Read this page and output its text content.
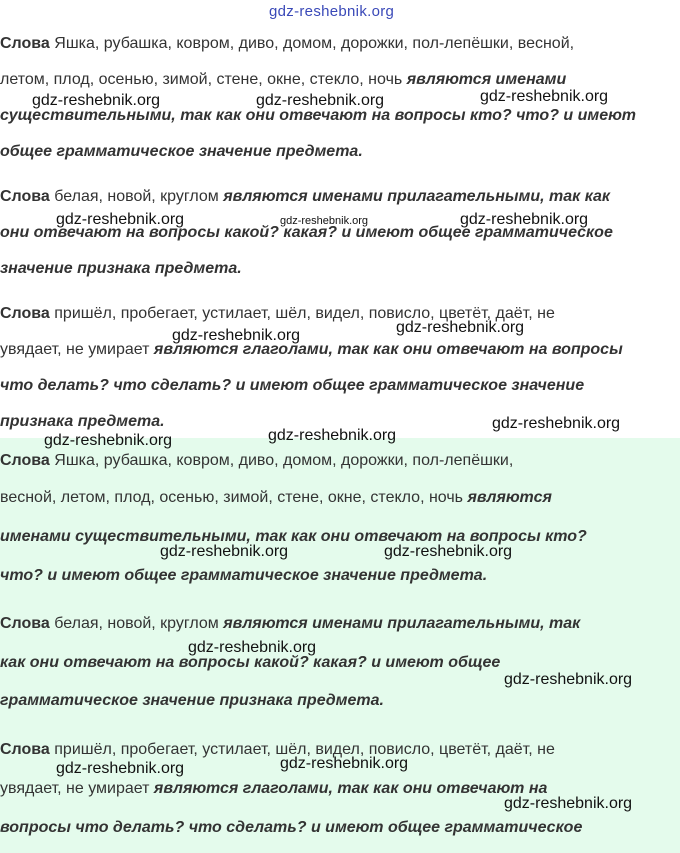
gdz-reshebnik.org
Слова Яшка, рубашка, ковром, диво, домом, дорожки, пол-лепёшки, весной,
летом, плод, осенью, зимой, стене, окне, стекло, ночь являются именами
существительными, так как они отвечают на вопросы кто? что? и имеют
общее грамматическое значение предмета.
Слова белая, новой, круглом являются именами прилагательными, так как
они отвечают на вопросы какой? какая? и имеют общее грамматическое
значение признака предмета.
Слова пришёл, пробегает, устилает, шёл, видел, повисло, цветёт, даёт, не
увядает, не умирает являются глаголами, так как они отвечают на вопросы
что делать? что сделать? и имеют общее грамматическое значение
признака предмета.
Слова Яшка, рубашка, ковром, диво, домом, дорожки, пол-лепёшки,
весной, летом, плод, осенью, зимой, стене, окне, стекло, ночь являются
именами существительными, так как они отвечают на вопросы кто?
что? и имеют общее грамматическое значение предмета.
Слова белая, новой, круглом являются именами прилагательными, так
как они отвечают на вопросы какой? какая? и имеют общее
грамматическое значение признака предмета.
Слова пришёл, пробегает, устилает, шёл, видел, повисло, цветёт, даёт, не
увядает, не умирает являются глаголами, так как они отвечают на
вопросы что делать? что сделать? и имеют общее грамматическое
gdz-reshebnik.org	gdz-reshebnik.org	gdz-reshebnik.org
gdz-reshebnik.org	gdz-reshebnik.org	gdz-reshebnik.org
gdz-reshebnik.org	gdz-reshebnik.org
gdz-reshebnik.org
gdz-reshebnik.org	gdz-reshebnik.org
gdz-reshebnik.org	gdz-reshebnik.org
gdz-reshebnik.org
gdz-reshebnik.org
gdz-reshebnik.org	gdz-reshebnik.org
gdz-reshebnik.org
